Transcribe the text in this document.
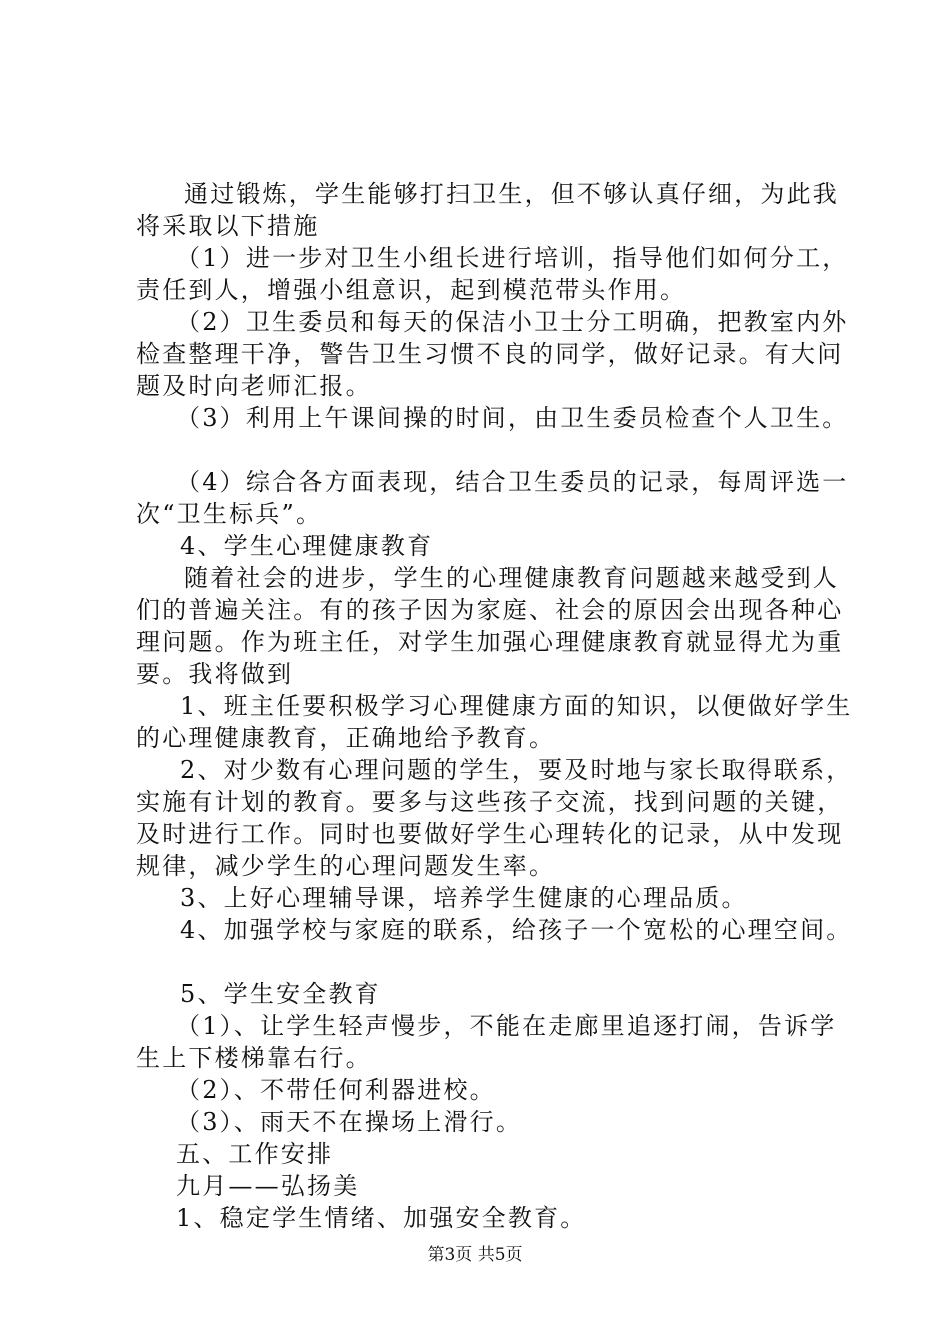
通过锻炼，学生能够打扫卫生，但不够认真仔细，为此我
将采取以下措施
（1）进一步对卫生小组长进行培训，指导他们如何分工，
责任到人，增强小组意识，起到模范带头作用。
（2）卫生委员和每天的保洁小卫士分工明确，把教室内外
检查整理干净，警告卫生习惯不良的同学，做好记录。有大问
题及时向老师汇报。
（3）利用上午课间操的时间，由卫生委员检查个人卫生。
（4）综合各方面表现，结合卫生委员的记录，每周评选一
次“卫生标兵”。
4、学生心理健康教育
随着社会的进步，学生的心理健康教育问题越来越受到人
们的普遍关注。有的孩子因为家庭、社会的原因会出现各种心
理问题。作为班主任，对学生加强心理健康教育就显得尤为重
要。我将做到
1、班主任要积极学习心理健康方面的知识，以便做好学生
的心理健康教育，正确地给予教育。
2、对少数有心理问题的学生，要及时地与家长取得联系，
实施有计划的教育。要多与这些孩子交流，找到问题的关键，
及时进行工作。同时也要做好学生心理转化的记录，从中发现
规律，减少学生的心理问题发生率。
3、上好心理辅导课，培养学生健康的心理品质。
4、加强学校与家庭的联系，给孩子一个宽松的心理空间。
5、学生安全教育
（1）、让学生轻声慢步，不能在走廊里追逐打闹，告诉学
生上下楼梯靠右行。
（2）、不带任何利器进校。
（3）、雨天不在操场上滑行。
五、工作安排
九月——弘扬美
1、稳定学生情绪、加强安全教育。
第3页 共5页
